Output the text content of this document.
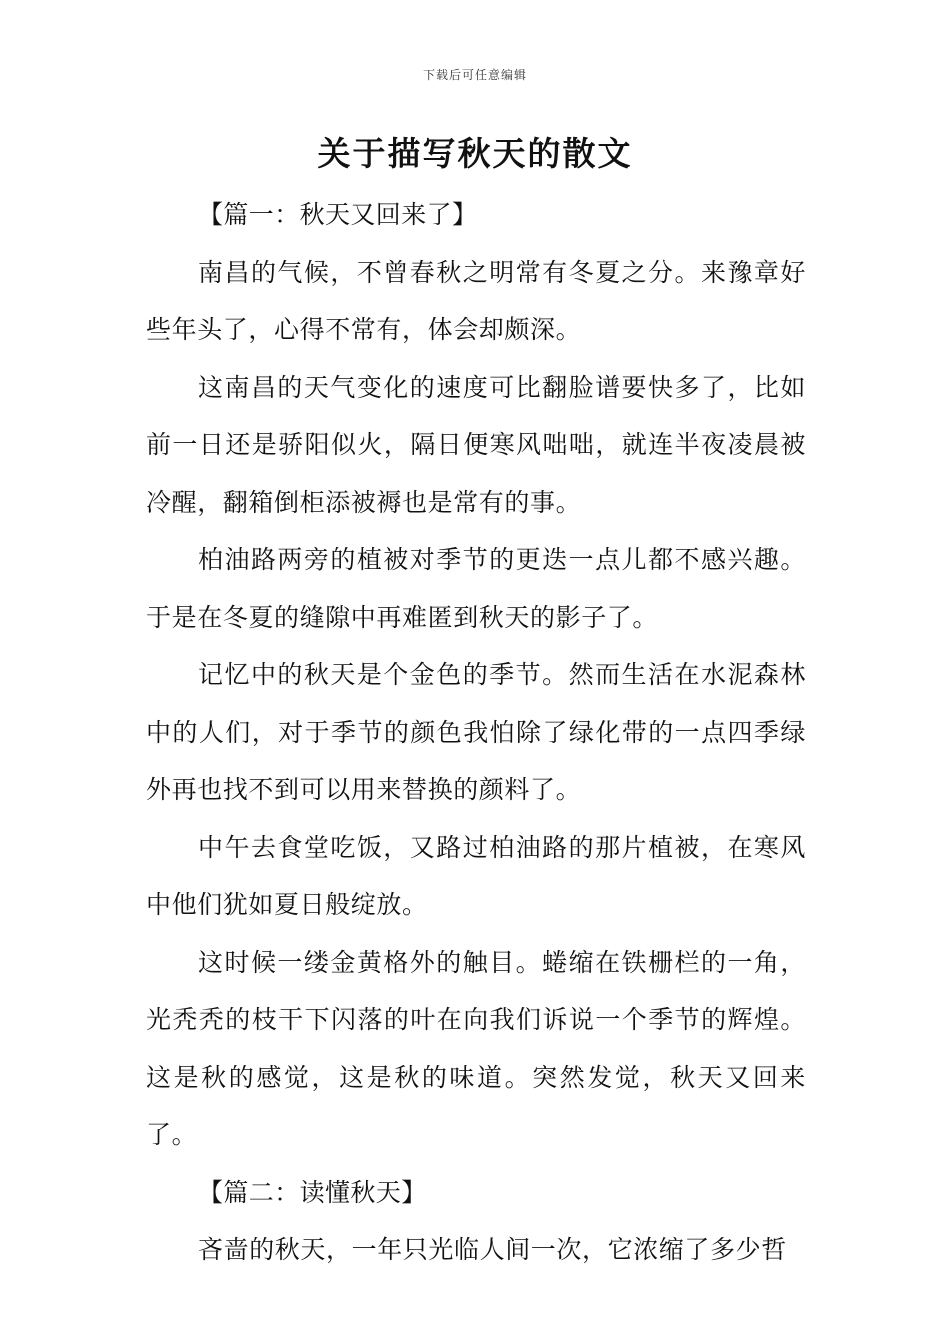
下载后可任意编辑
关于描写秋天的散文

【篇一：秋天又回来了】

南昌的气候，不曾春秋之明常有冬夏之分。来豫章好些年头了，心得不常有，体会却颇深。

这南昌的天气变化的速度可比翻脸谱要快多了，比如前一日还是骄阳似火，隔日便寒风咄咄，就连半夜凌晨被冷醒，翻箱倒柜添被褥也是常有的事。

柏油路两旁的植被对季节的更迭一点儿都不感兴趣。于是在冬夏的缝隙中再难匿到秋天的影子了。

记忆中的秋天是个金色的季节。然而生活在水泥森林中的人们，对于季节的颜色我怕除了绿化带的一点四季绿外再也找不到可以用来替换的颜料了。

中午去食堂吃饭，又路过柏油路的那片植被，在寒风中他们犹如夏日般绽放。

这时候一缕金黄格外的触目。蜷缩在铁栅栏的一角，光秃秃的枝干下闪落的叶在向我们诉说一个季节的辉煌。这是秋的感觉，这是秋的味道。突然发觉，秋天又回来了。

【篇二：读懂秋天】

吝啬的秋天，一年只光临人间一次，它浓缩了多少哲
